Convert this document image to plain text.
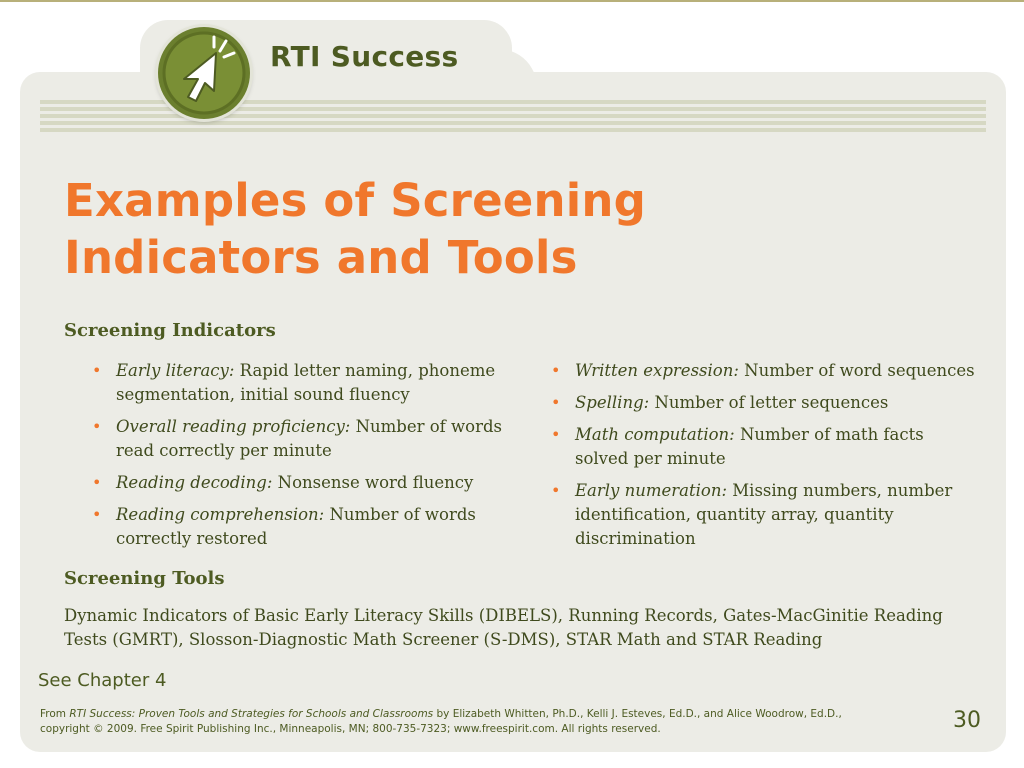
RTI Success
Examples of Screening
Indicators and Tools
Screening Indicators
• Early literacy: Rapid letter naming, phoneme segmentation, initial sound fluency
• Overall reading proficiency: Number of words read correctly per minute
• Reading decoding: Nonsense word fluency
• Reading comprehension: Number of words correctly restored
• Written expression: Number of word sequences
• Spelling: Number of letter sequences
• Math computation: Number of math facts solved per minute
• Early numeration: Missing numbers, number identification, quantity array, quantity discrimination
Screening Tools

Dynamic Indicators of Basic Early Literacy Skills (DIBELS), Running Records, Gates-MacGinitie Reading Tests (GMRT), Slosson-Diagnostic Math Screener (S-DMS), STAR Math and STAR Reading

See Chapter 4
From RTI Success: Proven Tools and Strategies for Schools and Classrooms by Elizabeth Whitten, Ph.D., Kelli J. Esteves, Ed.D., and Alice Woodrow, Ed.D., copyright © 2009. Free Spirit Publishing Inc., Minneapolis, MN; 800-735-7323; www.freespirit.com. All rights reserved.	30
